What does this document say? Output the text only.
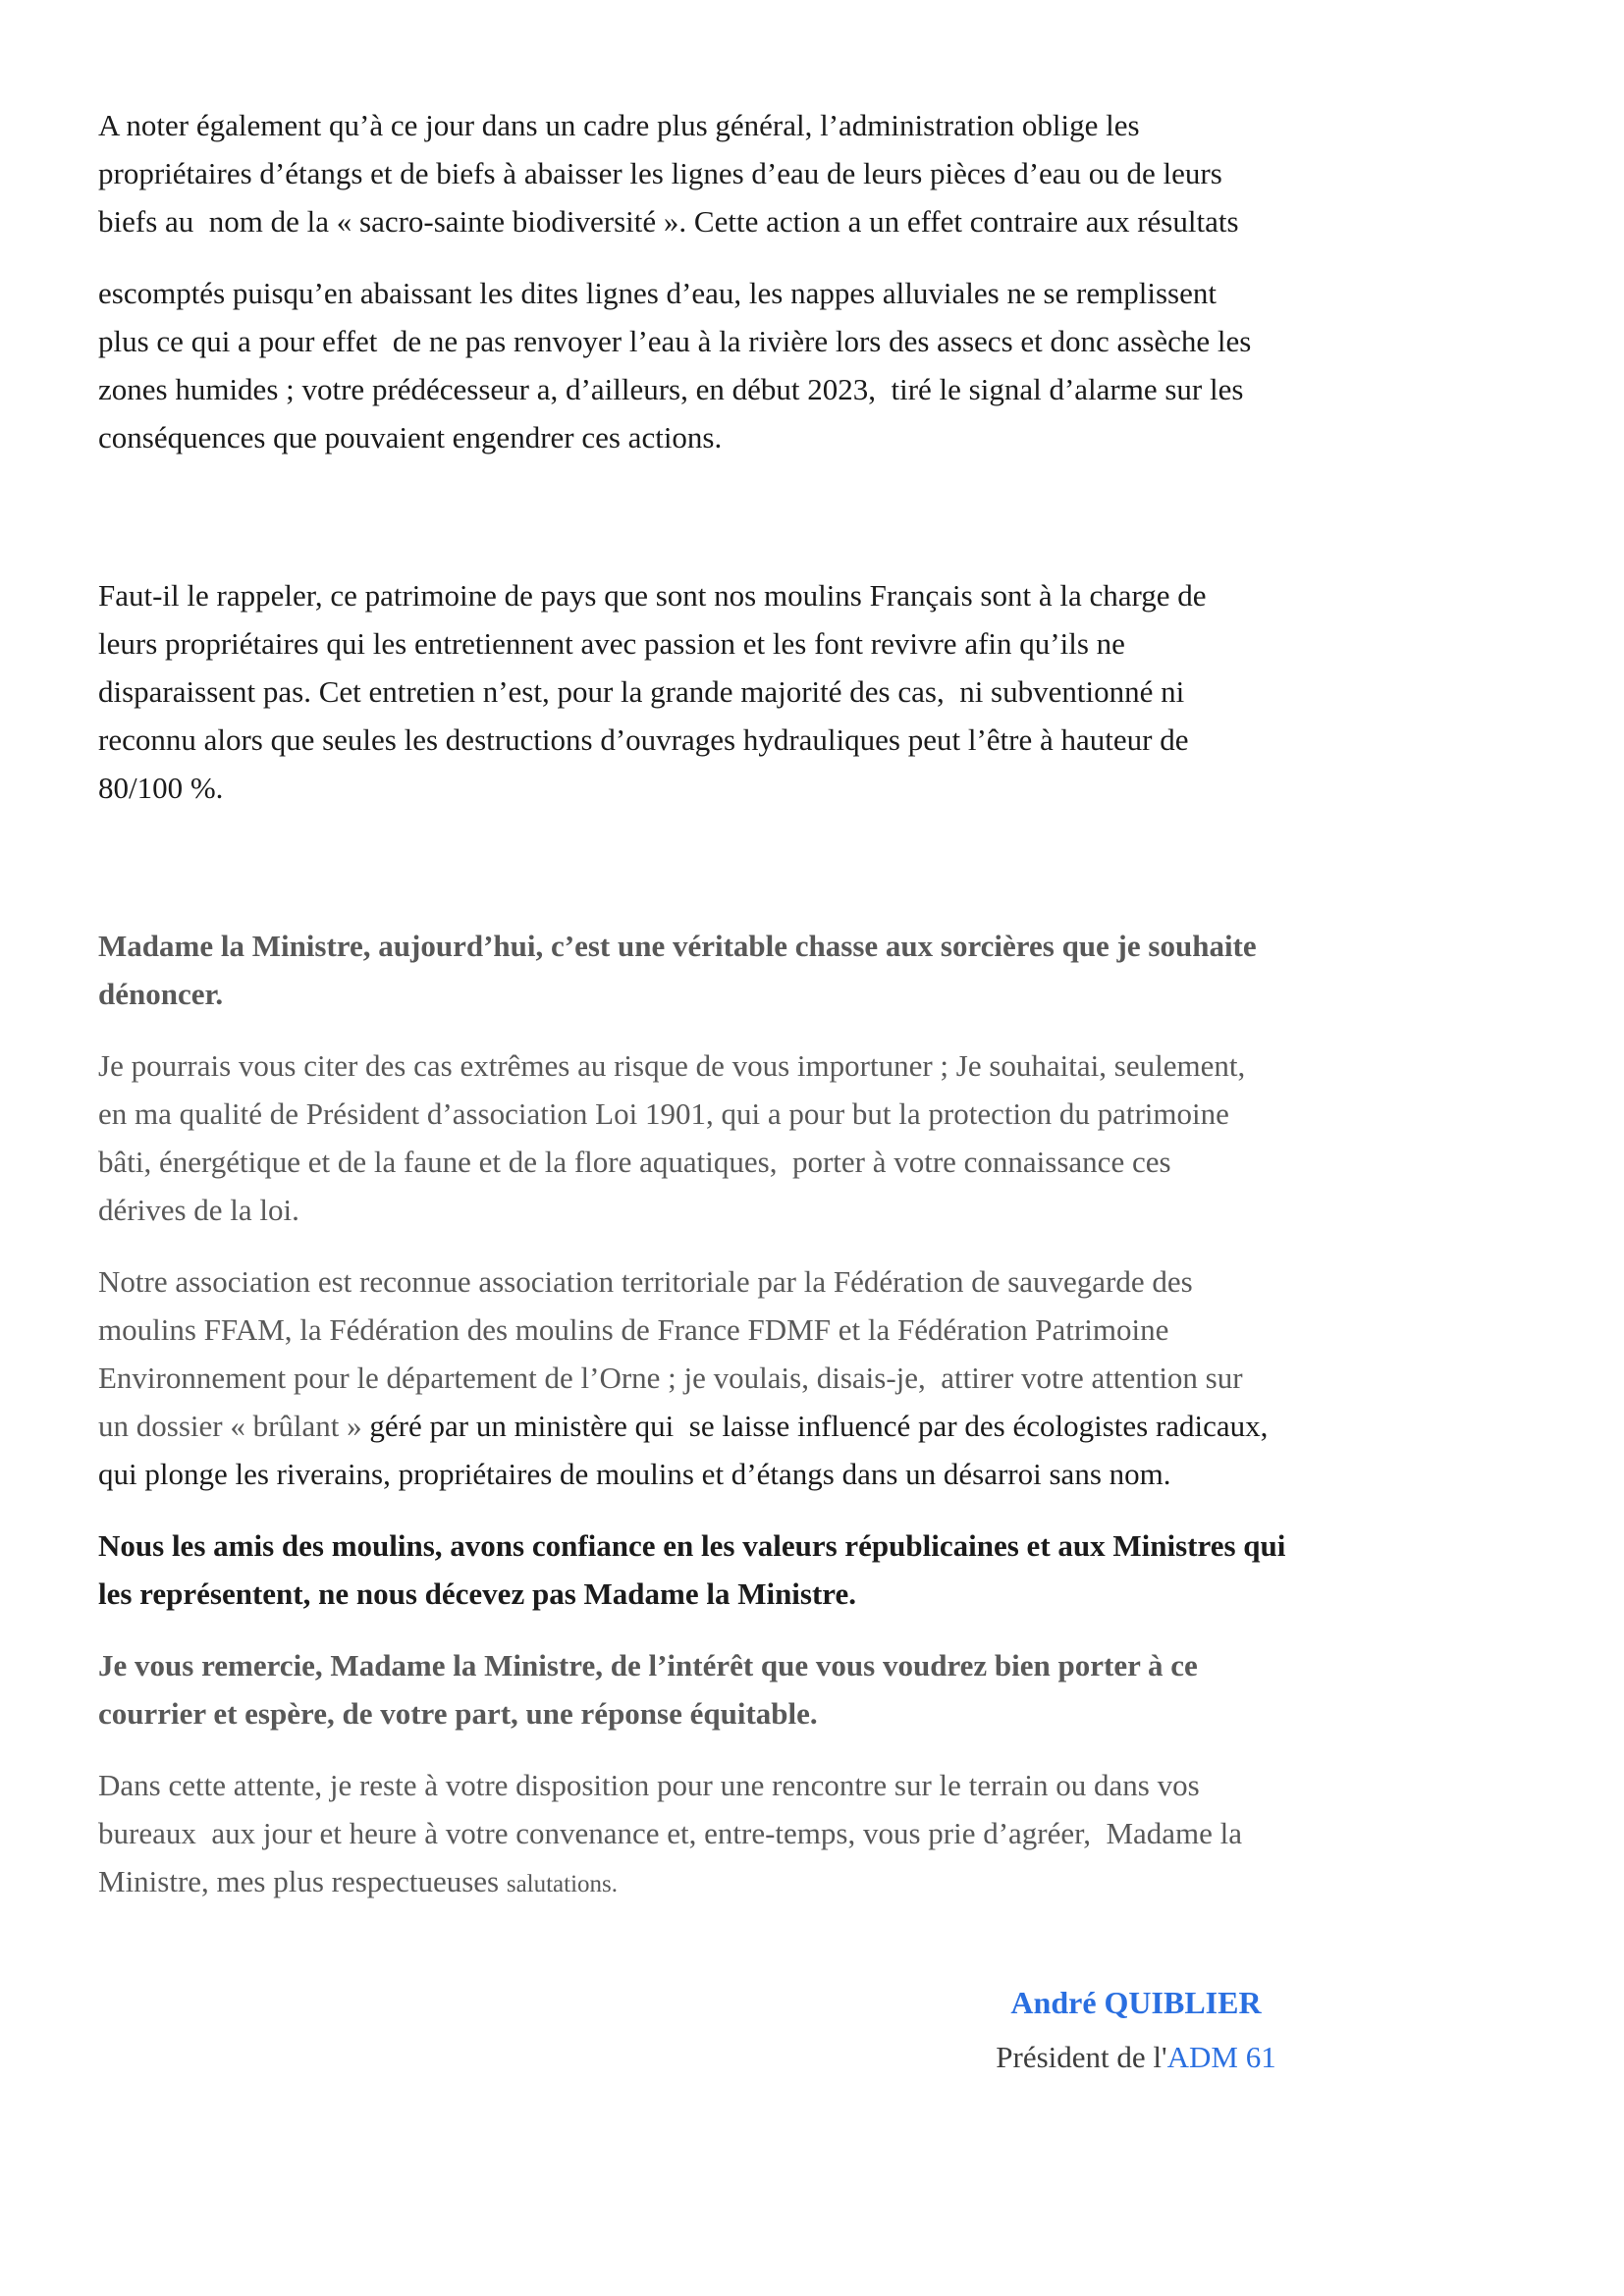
A noter également qu’à ce jour dans un cadre plus général, l’administration oblige les
propriétaires d’étangs et de biefs à abaisser les lignes d’eau de leurs pièces d’eau ou de leurs
biefs au  nom de la « sacro-sainte biodiversité ». Cette action a un effet contraire aux résultats
escomptés puisqu’en abaissant les dites lignes d’eau, les nappes alluviales ne se remplissent
plus ce qui a pour effet  de ne pas renvoyer l’eau à la rivière lors des assecs et donc assèche les
zones humides ; votre prédécesseur a, d’ailleurs, en début 2023,  tiré le signal d’alarme sur les
conséquences que pouvaient engendrer ces actions.
Faut-il le rappeler, ce patrimoine de pays que sont nos moulins Français sont à la charge de
leurs propriétaires qui les entretiennent avec passion et les font revivre afin qu’ils ne
disparaissent pas. Cet entretien n’est, pour la grande majorité des cas,  ni subventionné ni
reconnu alors que seules les destructions d’ouvrages hydrauliques peut l’être à hauteur de
80/100 %.
Madame la Ministre, aujourd’hui, c’est une véritable chasse aux sorcières que je souhaite
dénoncer.
Je pourrais vous citer des cas extrêmes au risque de vous importuner ; Je souhaitai, seulement,
en ma qualité de Président d’association Loi 1901, qui a pour but la protection du patrimoine
bâti, énergétique et de la faune et de la flore aquatiques,  porter à votre connaissance ces
dérives de la loi.
Notre association est reconnue association territoriale par la Fédération de sauvegarde des
moulins FFAM, la Fédération des moulins de France FDMF et la Fédération Patrimoine
Environnement pour le département de l’Orne ; je voulais, disais-je,  attirer votre attention sur
un dossier « brûlant » géré par un ministère qui  se laisse influencé par des écologistes radicaux,
qui plonge les riverains, propriétaires de moulins et d’étangs dans un désarroi sans nom.
Nous les amis des moulins, avons confiance en les valeurs républicaines et aux Ministres qui
les représentent, ne nous décevez pas Madame la Ministre.
Je vous remercie, Madame la Ministre, de l’intérêt que vous voudrez bien porter à ce
courrier et espère, de votre part, une réponse équitable.
Dans cette attente, je reste à votre disposition pour une rencontre sur le terrain ou dans vos
bureaux  aux jour et heure à votre convenance et, entre-temps, vous prie d’agréer,  Madame la
Ministre, mes plus respectueuses salutations.
André QUIBLIER
Président de l'ADM 61
